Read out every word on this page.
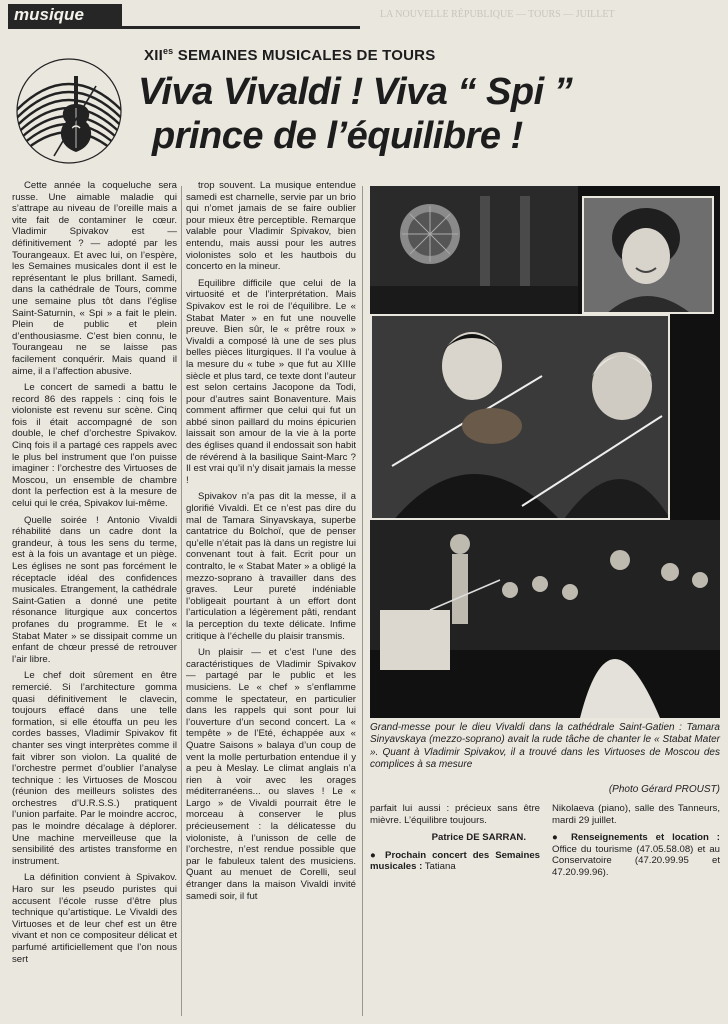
musique	LA NOUVELLE RÉPUBLIQUE — TOURS — JUILLET
$XII^{es}$ SEMAINES MUSICALES DE TOURS
Viva Vivaldi ! Viva “ Spi ”
prince de l’équilibre !

Cette année la coqueluche sera russe. Une aimable maladie qui s’attrape au niveau de l’oreille mais a vite fait de contaminer le cœur. Vladimir Spivakov est — définitivement ? — adopté par les Tourangeaux. Et avec lui, on l’espère, les Semaines musicales dont il est le représentant le plus brillant. Samedi, dans la cathédrale de Tours, comme une semaine plus tôt dans l’église Saint-Saturnin, « Spi » a fait le plein. Plein de public et plein d’enthousiasme. C’est bien connu, le Tourangeau ne se laisse pas facilement conquérir. Mais quand il aime, il a l’affection abusive.

Le concert de samedi a battu le record 86 des rappels : cinq fois le violoniste est revenu sur scène. Cinq fois il était accompagné de son double, le chef d’orchestre Spivakov. Cinq fois il a partagé ces rappels avec le plus bel instrument que l’on puisse imaginer : l’orchestre des Virtuoses de Moscou, un ensemble de chambre dont la perfection est à la mesure de celui qui le créa, Spivakov lui-même.

Quelle soirée ! Antonio Vivaldi réhabilité dans un cadre dont la grandeur, à tous les sens du terme, est à la fois un avantage et un piège. Les églises ne sont pas forcément le réceptacle idéal des confidences musicales. Etrangement, la cathédrale Saint-Gatien a donné une petite résonance liturgique aux concertos profanes du programme. Et le « Stabat Mater » se dissipait comme un enfant de chœur pressé de retrouver l’air libre.

Le chef doit sûrement en être remercié. Si l’architecture gomma quasi définitivement le clavecin, toujours effacé dans une telle formation, si elle étouffa un peu les cordes basses, Vladimir Spivakov fit chanter ses vingt interprètes comme il fait vibrer son violon. La qualité de l’orchestre permet d’oublier l’analyse technique : les Virtuoses de Moscou (réunion des meilleurs solistes des orchestres d’U.R.S.S.) pratiquent l’union parfaite. Par le moindre accroc, pas le moindre décalage à déplorer. Une machine merveilleuse que la sensibilité des artistes transforme en instrument.

La définition convient à Spivakov. Haro sur les pseudo puristes qui accusent l’école russe d’être plus technique qu’artistique. Le Vivaldi des Virtuoses et de leur chef est un être vivant et non ce compositeur délicat et parfumé artificiellement que l’on nous sert

trop souvent. La musique entendue samedi est charnelle, servie par un brio qui n’omet jamais de se faire oublier pour mieux être perceptible. Remarque valable pour Vladimir Spivakov, bien entendu, mais aussi pour les autres violonistes solo et les hautbois du concerto en la mineur.

Equilibre difficile que celui de la virtuosité et de l’interprétation. Mais Spivakov est le roi de l’équilibre. Le « Stabat Mater » en fut une nouvelle preuve. Bien sûr, le « prêtre roux » Vivaldi a composé là une de ses plus belles pièces liturgiques. Il l’a voulue à la mesure du « tube » que fut au XIIIe siècle et plus tard, ce texte dont l’auteur est selon certains Jacopone da Todi, pour d’autres saint Bonaventure. Mais comment affirmer que celui qui fut un abbé sinon paillard du moins épicurien laissait son amour de la vie à la porte des églises quand il endossait son habit de révérend à la basilique Saint-Marc ? Il est vrai qu’il n’y disait jamais la messe !

Spivakov n’a pas dit la messe, il a glorifié Vivaldi. Et ce n’est pas dire du mal de Tamara Sinyavskaya, superbe cantatrice du Bolchoï, que de penser qu’elle n’était pas là dans un registre lui convenant tout à fait. Ecrit pour un contralto, le « Stabat Mater » a obligé la mezzo-soprano à travailler dans des graves. Leur pureté indéniable l’obligeait pourtant à un effort dont l’articulation a légèrement pâti, rendant la perception du texte délicate. Infime critique à l’échelle du plaisir transmis.

Un plaisir — et c’est l’une des caractéristiques de Vladimir Spivakov — partagé par le public et les musiciens. Le « chef » s’enflamme comme le spectateur, en particulier dans les rappels qui sont pour lui l’ouverture d’un second concert. La « tempête » de l’Eté, échappée aux « Quatre Saisons » balaya d’un coup de vent la molle perturbation entendue il y a peu à Meslay. Le climat anglais n’a rien à voir avec les orages méditerranéens... ou slaves ! Le « Largo » de Vivaldi pourrait être le morceau à conserver le plus précieusement : la délicatesse du violoniste, à l’unisson de celle de l’orchestre, n’est rendue possible que par le fabuleux talent des musiciens. Quant au menuet de Corelli, seul étranger dans la maison Vivaldi invité samedi soir, il fut

Grand-messe pour le dieu Vivaldi dans la cathédrale Saint-Gatien : Tamara Sinyavskaya (mezzo-soprano) avait la rude tâche de chanter le « Stabat Mater ». Quant à Vladimir Spivakov, il a trouvé dans les Virtuoses de Moscou des complices à sa mesure
(Photo Gérard PROUST)

parfait lui aussi : précieux sans être mièvre. L’équilibre toujours.

Patrice DE SARRAN.

● Prochain concert des Semaines musicales : Tatiana

Nikolaeva (piano), salle des Tanneurs, mardi 29 juillet.

● Renseignements et location : Office du tourisme (47.05.58.08) et au Conservatoire (47.20.99.95 et 47.20.99.96).
